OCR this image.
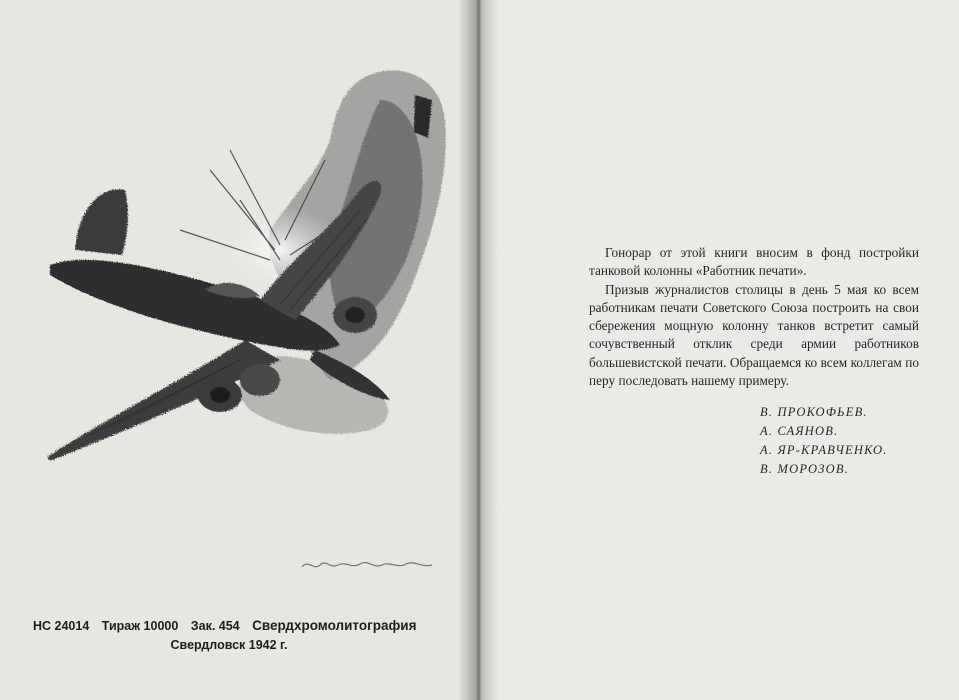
НС 24014 Тираж 10000 Зак. 454 Свердхромолитография
Свердловск 1942 г.

Гонорар от этой книги вносим в фонд постройки танковой колонны «Работник печати».

Призыв журналистов столицы в день 5 мая ко всем работникам печати Советского Союза построить на свои сбережения мощную колонну танков встретит самый сочувственный отклик среди армии работников большевистской печати. Обращаемся ко всем коллегам по перу последовать нашему примеру.

В. ПРОКОФЬЕВ.
А. САЯНОВ.
А. ЯР-КРАВЧЕНКО.
В. МОРОЗОВ.
